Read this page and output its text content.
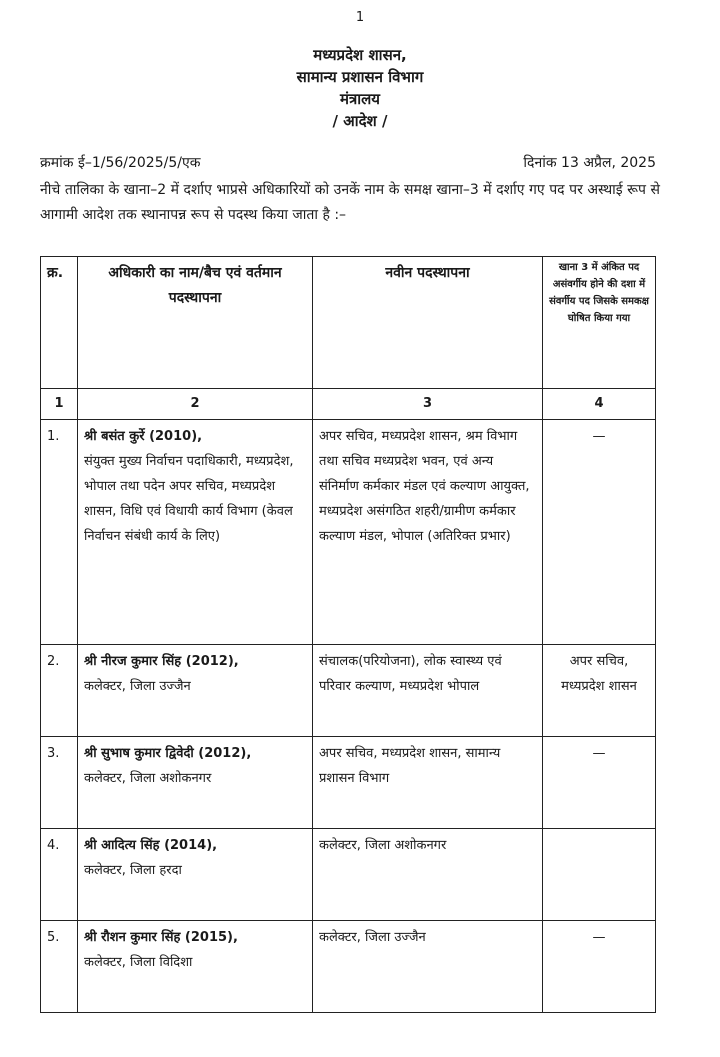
1
मध्यप्रदेश शासन,
सामान्य प्रशासन विभाग
मंत्रालय
/ आदेश /
क्रमांक ई–1/56/2025/5/एक	दिनांक 13 अप्रैल, 2025
नीचे तालिका के खाना–2 में दर्शाए भाप्रसे अधिकारियों को उनकें नाम के समक्ष खाना–3 में दर्शाए गए पद पर अस्थाई रूप से आगामी आदेश तक स्थानापन्न रूप से पदस्थ किया जाता है :–
क्र.	अधिकारी का नाम/बैच एवं वर्तमान पदस्थापना	नवीन पदस्थापना	खाना 3 में अंकित पद असंवर्गीय होने की दशा में संवर्गीय पद जिसके समकक्ष घोषित किया गया
1	2	3	4
1.	श्री बसंत कुर्रे (2010),
संयुक्त मुख्य निर्वाचन पदाधिकारी, मध्यप्रदेश, भोपाल तथा पदेन अपर सचिव, मध्यप्रदेश शासन, विधि एवं विधायी कार्य विभाग (केवल निर्वाचन संबंधी कार्य के लिए)	अपर सचिव, मध्यप्रदेश शासन, श्रम विभाग तथा सचिव मध्यप्रदेश भवन, एवं अन्य संनिर्माण कर्मकार मंडल एवं कल्याण आयुक्त, मध्यप्रदेश असंगठित शहरी/ग्रामीण कर्मकार कल्याण मंडल, भोपाल (अतिरिक्त प्रभार)	—
2.	श्री नीरज कुमार सिंह (2012),
कलेक्टर, जिला उज्जैन	संचालक(परियोजना), लोक स्वास्थ्य एवं परिवार कल्याण, मध्यप्रदेश भोपाल	अपर सचिव, मध्यप्रदेश शासन
3.	श्री सुभाष कुमार द्विवेदी (2012),
कलेक्टर, जिला अशोकनगर	अपर सचिव, मध्यप्रदेश शासन, सामान्य प्रशासन विभाग	—
4.	श्री आदित्य सिंह (2014),
कलेक्टर, जिला हरदा	कलेक्टर, जिला अशोकनगर	
5.	श्री रौशन कुमार सिंह (2015),
कलेक्टर, जिला विदिशा	कलेक्टर, जिला उज्जैन	—
